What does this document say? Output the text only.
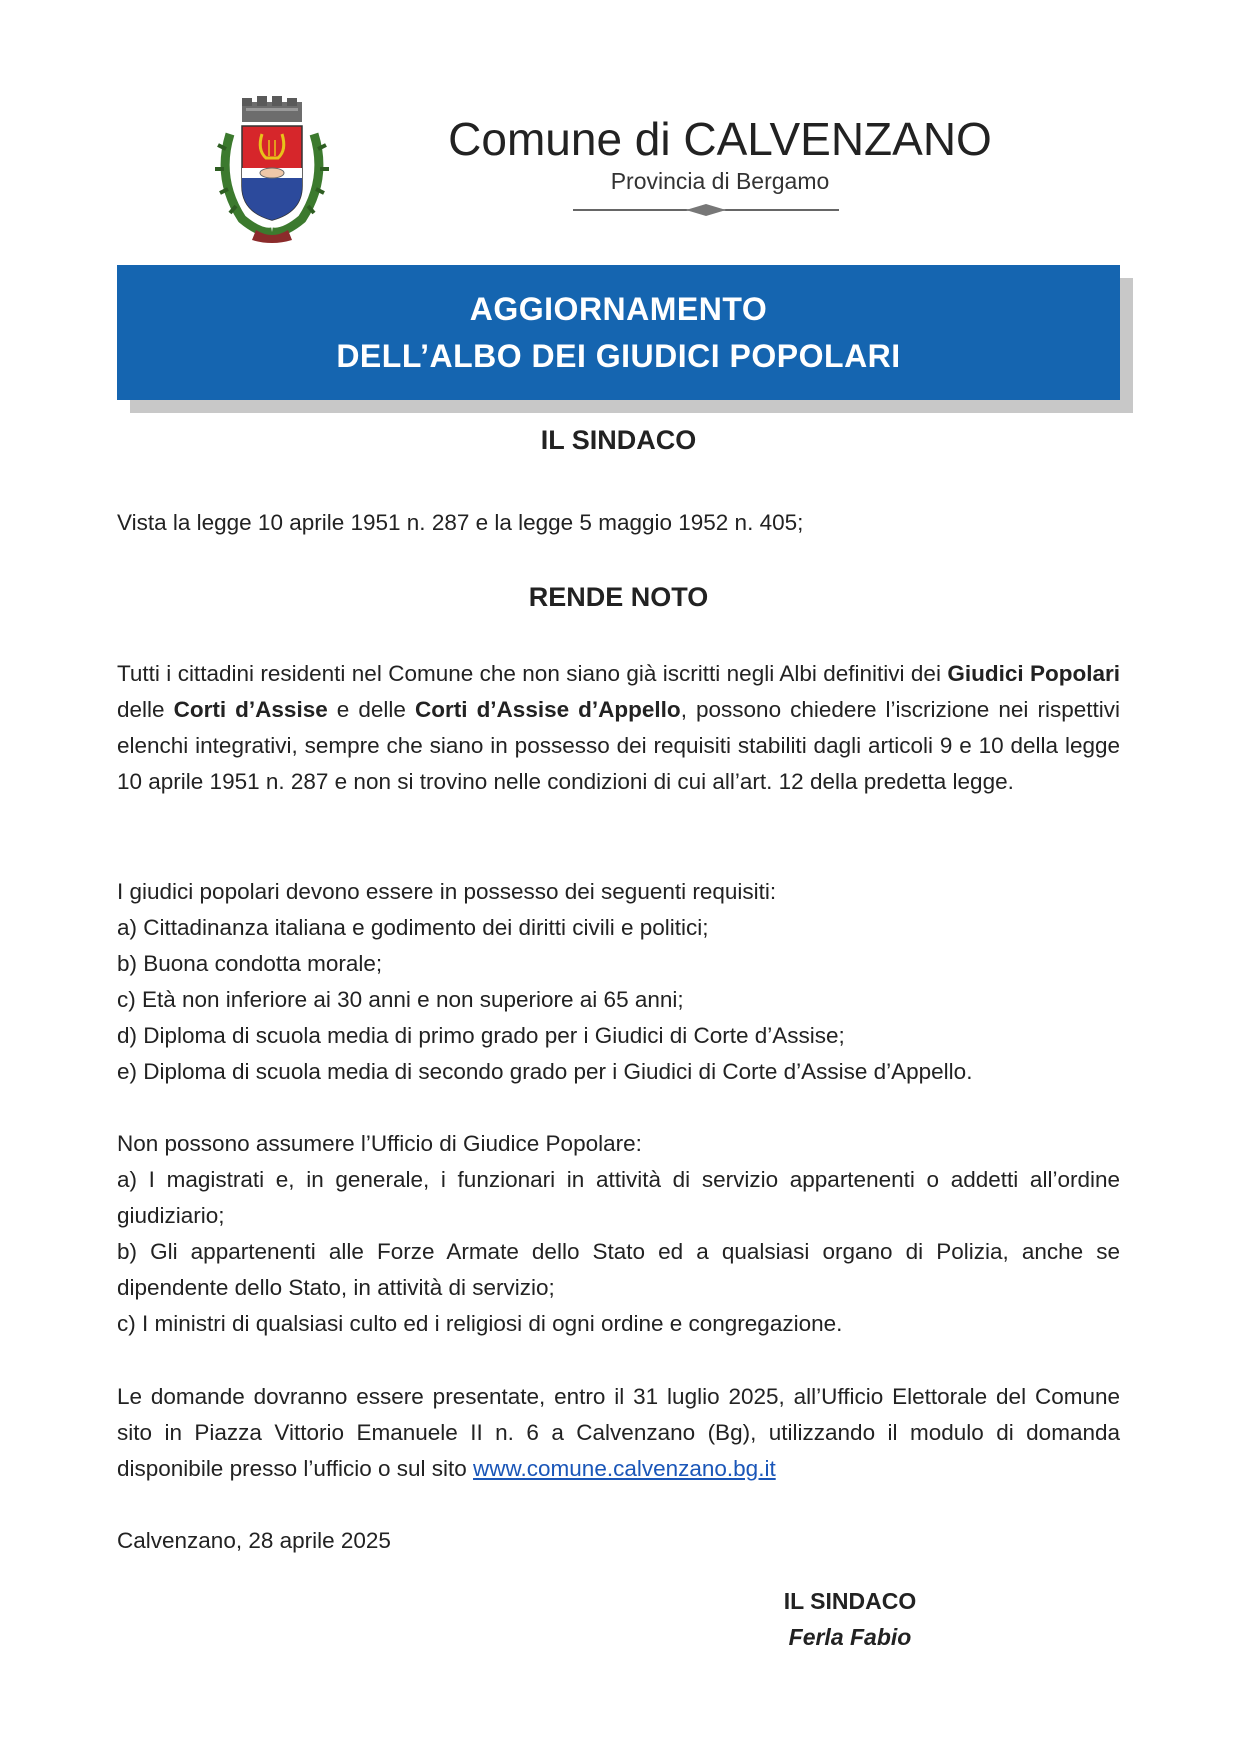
Comune di CALVENZANO
Provincia di Bergamo
AGGIORNAMENTO
DELL’ALBO DEI GIUDICI POPOLARI
IL SINDACO

Vista la legge 10 aprile 1951 n. 287 e la legge 5 maggio 1952 n. 405;

RENDE NOTO

Tutti i cittadini residenti nel Comune che non siano già iscritti negli Albi definitivi dei Giudici Popolari delle Corti d’Assise e delle Corti d’Assise d’Appello, possono chiedere l’iscrizione nei rispettivi elenchi integrativi, sempre che siano in possesso dei requisiti stabiliti dagli articoli 9 e 10 della legge 10 aprile 1951 n. 287 e non si trovino nelle condizioni di cui all’art. 12 della predetta legge.

I giudici popolari devono essere in possesso dei seguenti requisiti:
a) Cittadinanza italiana e godimento dei diritti civili e politici;
b) Buona condotta morale;
c) Età non inferiore ai 30 anni e non superiore ai 65 anni;
d) Diploma di scuola media di primo grado per i Giudici di Corte d’Assise;
e) Diploma di scuola media di secondo grado per i Giudici di Corte d’Assise d’Appello.
Non possono assumere l’Ufficio di Giudice Popolare:
a) I magistrati e, in generale, i funzionari in attività di servizio appartenenti o addetti all’ordine giudiziario;
b) Gli appartenenti alle Forze Armate dello Stato ed a qualsiasi organo di Polizia, anche se dipendente dello Stato, in attività di servizio;
c) I ministri di qualsiasi culto ed i religiosi di ogni ordine e congregazione.

Le domande dovranno essere presentate, entro il 31 luglio 2025, all’Ufficio Elettorale del Comune sito in Piazza Vittorio Emanuele II n. 6 a Calvenzano (Bg), utilizzando il modulo di domanda disponibile presso l’ufficio o sul sito www.comune.calvenzano.bg.it

Calvenzano, 28 aprile 2025

IL SINDACO
Ferla Fabio
